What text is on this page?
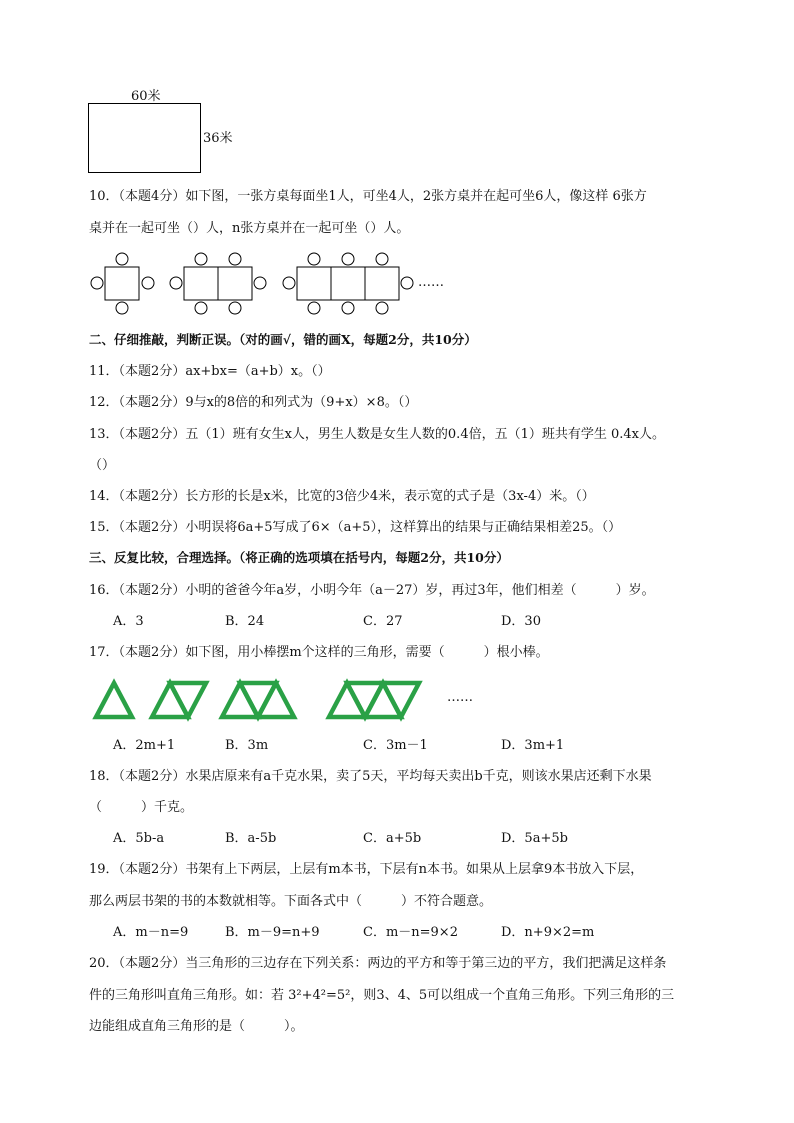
60米
36米
10．（本题4分）如下图，一张方桌每面坐1人，可坐4人，2张方桌并在起可坐6人，像这样 6张方
桌并在一起可坐（）人，n张方桌并在一起可坐（）人。
……
二、仔细推敲，判断正误。（对的画√，错的画X，每题2分，共10分）
11．（本题2分）ax+bx=（a+b）x。（）
12．（本题2分）9与x的8倍的和列式为（9+x）×8。（）
13．（本题2分）五（1）班有女生x人，男生人数是女生人数的0.4倍，五（1）班共有学生 0.4x人。
（）
14．（本题2分）长方形的长是x米，比宽的3倍少4米，表示宽的式子是（3x-4）米。（）
15．（本题2分）小明误将6a+5写成了6×（a+5），这样算出的结果与正确结果相差25。（）
三、反复比较，合理选择。（将正确的选项填在括号内，每题2分，共10分）
16．（本题2分）小明的爸爸今年a岁，小明今年（a－27）岁，再过3年，他们相差（　　　）岁。
A．3	B．24	C．27	D．30
17．（本题2分）如下图，用小棒摆m个这样的三角形，需要（　　　）根小棒。
……
A．2m+1	B．3m	C．3m－1	D．3m+1
18．（本题2分）水果店原来有a千克水果，卖了5天，平均每天卖出b千克，则该水果店还剩下水果
（　　　）千克。
A．5b-a	B．a-5b	C．a+5b	D．5a+5b
19．（本题2分）书架有上下两层，上层有m本书，下层有n本书。如果从上层拿9本书放入下层，
那么两层书架的书的本数就相等。下面各式中（　　　）不符合题意。
A．m－n=9	B．m－9=n+9	C．m－n=9×2	D．n+9×2=m
20．（本题2分）当三角形的三边存在下列关系：两边的平方和等于第三边的平方，我们把满足这样条
件的三角形叫直角三角形。如：若 3²+4²=5²，则3、4、5可以组成一个直角三角形。下列三角形的三
边能组成直角三角形的是（　　　）。
